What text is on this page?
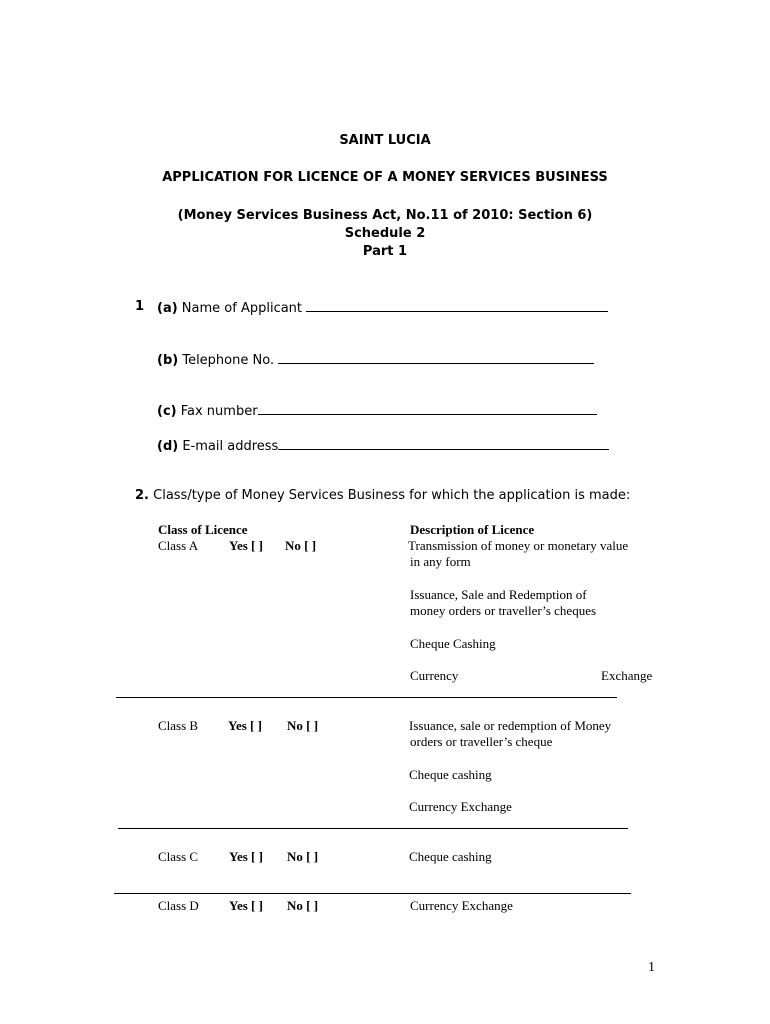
SAINT LUCIA
APPLICATION FOR LICENCE OF A MONEY SERVICES BUSINESS
(Money Services Business Act, No.11 of 2010: Section 6)
Schedule 2
Part 1
1 (a) Name of Applicant
(b) Telephone No.
(c) Fax number
(d) E-mail address
2. Class/type of Money Services Business for which the application is made:
Class of Licence	Description of Licence
Class A Yes [ ] No [ ]	Transmission of money or monetary value
in any form
Issuance, Sale and Redemption of
money orders or traveller’s cheques
Cheque Cashing
Currency	Exchange
Class B Yes [ ] No [ ]	Issuance, sale or redemption of Money
orders or traveller’s cheque
Cheque cashing
Currency Exchange
Class C Yes [ ] No [ ]	Cheque cashing
Class D Yes [ ] No [ ]	Currency Exchange
1
